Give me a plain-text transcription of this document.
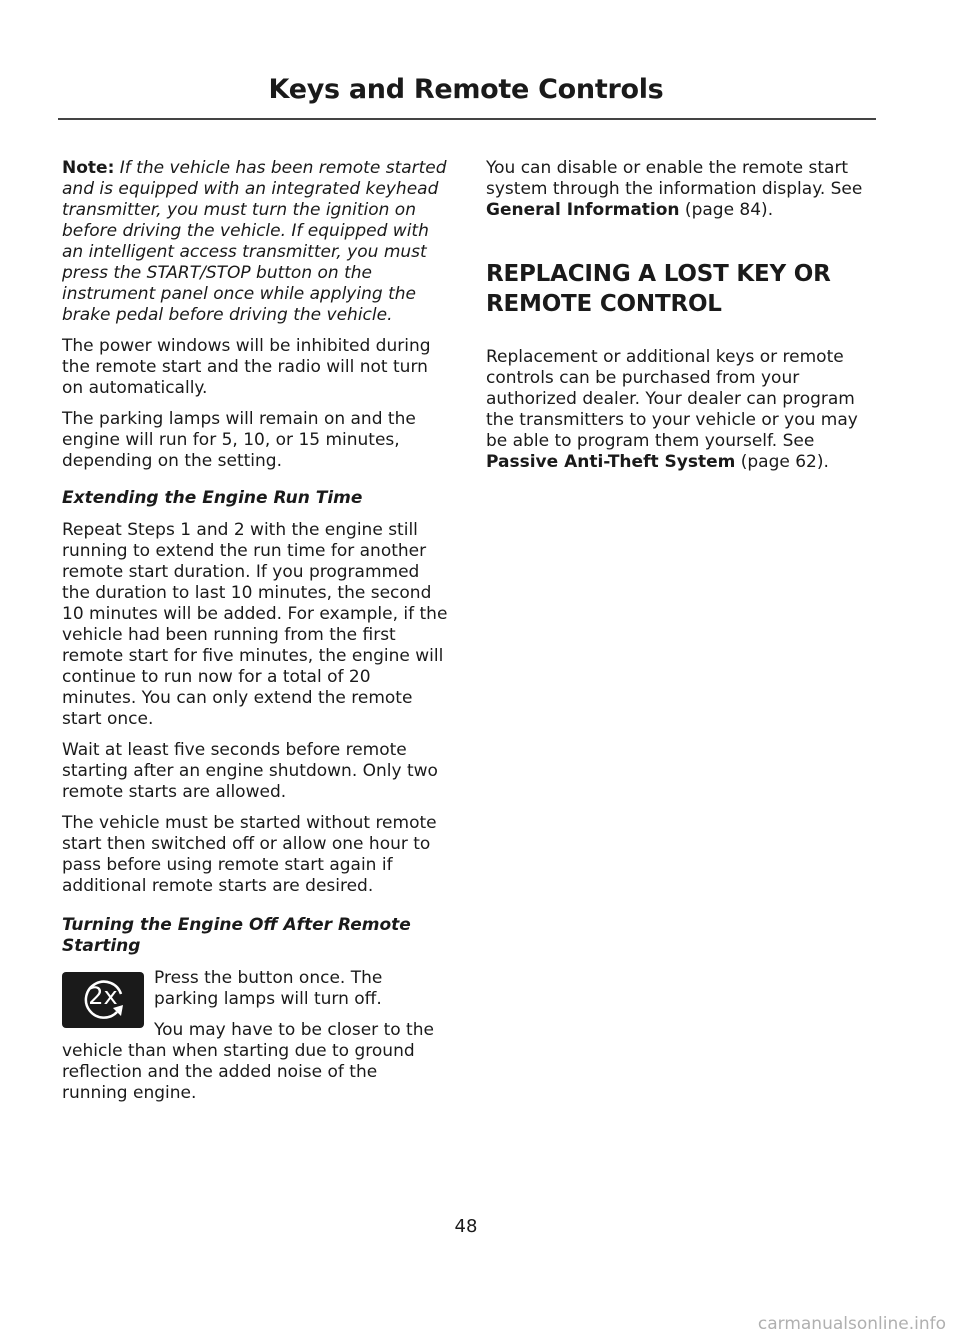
Keys and Remote Controls

Note: If the vehicle has been remote started and is equipped with an integrated keyhead transmitter, you must turn the ignition on before driving the vehicle. If equipped with an intelligent access transmitter, you must press the START/STOP button on the instrument panel once while applying the brake pedal before driving the vehicle.

The power windows will be inhibited during the remote start and the radio will not turn on automatically.

The parking lamps will remain on and the engine will run for 5, 10, or 15 minutes, depending on the setting.

Extending the Engine Run Time

Repeat Steps 1 and 2 with the engine still running to extend the run time for another remote start duration. If you programmed the duration to last 10 minutes, the second 10 minutes will be added. For example, if the vehicle had been running from the first remote start for five minutes, the engine will continue to run now for a total of 20 minutes. You can only extend the remote start once.

Wait at least five seconds before remote starting after an engine shutdown. Only two remote starts are allowed.

The vehicle must be started without remote start then switched off or allow one hour to pass before using remote start again if additional remote starts are desired.

Turning the Engine Off After Remote Starting

2x

Press the button once. The parking lamps will turn off.

You may have to be closer to the vehicle than when starting due to ground reflection and the added noise of the running engine.

You can disable or enable the remote start system through the information display. See General Information (page 84).

REPLACING A LOST KEY OR
REMOTE CONTROL

Replacement or additional keys or remote controls can be purchased from your authorized dealer. Your dealer can program the transmitters to your vehicle or you may be able to program them yourself. See Passive Anti-Theft System (page 62).

48
carmanualsonline.info
